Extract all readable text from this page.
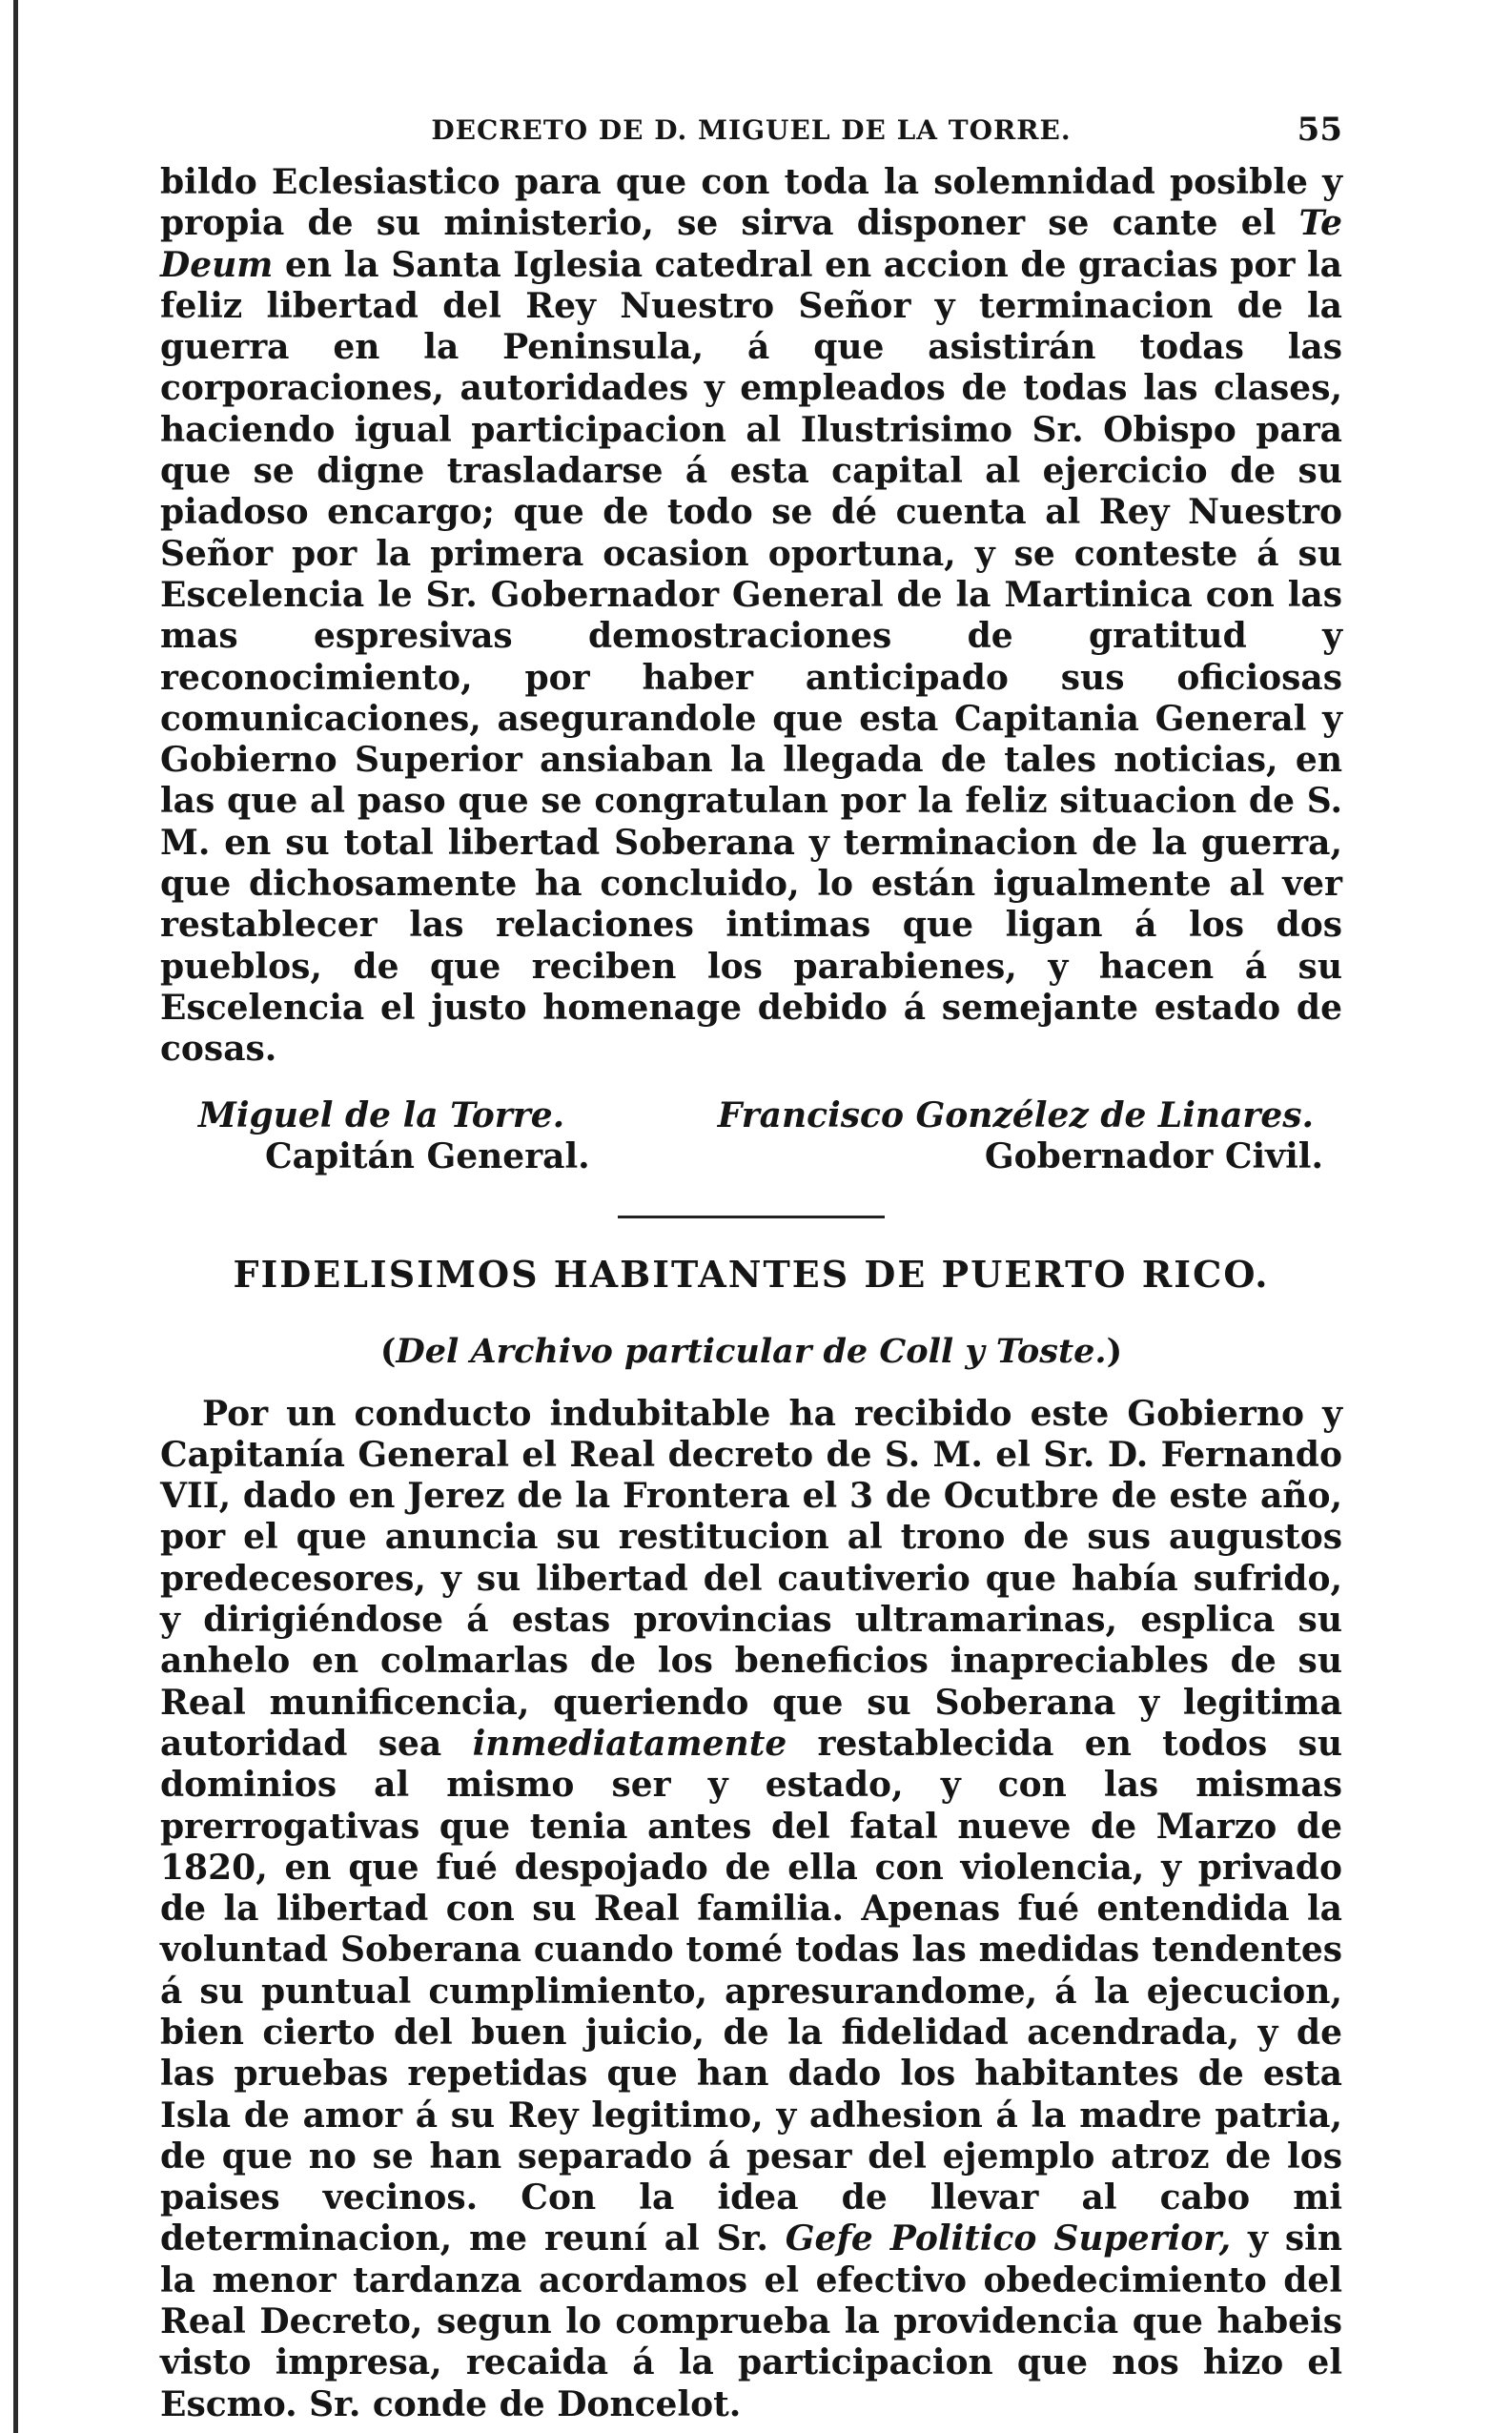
DECRETO DE D. MIGUEL DE LA TORRE.	55

bildo Eclesiastico para que con toda la solemnidad posible y propia de su ministerio, se sirva disponer se cante el Te Deum en la Santa Iglesia catedral en accion de gracias por la feliz libertad del Rey Nuestro Señor y terminacion de la guerra en la Peninsula, á que asistirán todas las corporaciones, autoridades y empleados de todas las clases, haciendo igual participacion al Ilustrisimo Sr. Obispo para que se digne trasladarse á esta capital al ejercicio de su piadoso encargo; que de todo se dé cuenta al Rey Nuestro Señor por la primera ocasion oportuna, y se conteste á su Escelencia le Sr. Gobernador General de la Martinica con las mas espresivas demostraciones de gratitud y reconocimiento, por haber anticipado sus oficiosas comunicaciones, asegurandole que esta Capitania General y Gobierno Superior ansiaban la llegada de tales noticias, en las que al paso que se congratulan por la feliz situacion de S. M. en su total libertad Soberana y terminacion de la guerra, que dichosamente ha concluido, lo están igualmente al ver restablecer las relaciones intimas que ligan á los dos pueblos, de que reciben los parabienes, y hacen á su Escelencia el justo homenage debido á semejante estado de cosas.

Miguel de la Torre.
Capitán General.
Francisco Gonzélez de Linares.
Gobernador Civil.
FIDELISIMOS HABITANTES DE PUERTO RICO.
(Del Archivo particular de Coll y Toste.)

Por un conducto indubitable ha recibido este Gobierno y Capitanía General el Real decreto de S. M. el Sr. D. Fernando VII, dado en Jerez de la Frontera el 3 de Ocutbre de este año, por el que anuncia su restitucion al trono de sus augustos predecesores, y su libertad del cautiverio que había sufrido, y dirigiéndose á estas provincias ultramarinas, esplica su anhelo en colmarlas de los beneficios inapreciables de su Real munificencia, queriendo que su Soberana y legitima autoridad sea inmediatamente restablecida en todos su dominios al mismo ser y estado, y con las mismas prerrogativas que tenia antes del fatal nueve de Marzo de 1820, en que fué despojado de ella con violencia, y privado de la libertad con su Real familia. Apenas fué entendida la voluntad Soberana cuando tomé todas las medidas tendentes á su puntual cumplimiento, apresurandome, á la ejecucion, bien cierto del buen juicio, de la fidelidad acendrada, y de las pruebas repetidas que han dado los habitantes de esta Isla de amor á su Rey legitimo, y adhesion á la madre patria, de que no se han separado á pesar del ejemplo atroz de los paises vecinos. Con la idea de llevar al cabo mi determinacion, me reuní al Sr. Gefe Politico Superior, y sin la menor tardanza acordamos el efectivo obedecimiento del Real Decreto, segun lo comprueba la providencia que habeis visto impresa, recaida á la participacion que nos hizo el Escmo. Sr. conde de Doncelot.
